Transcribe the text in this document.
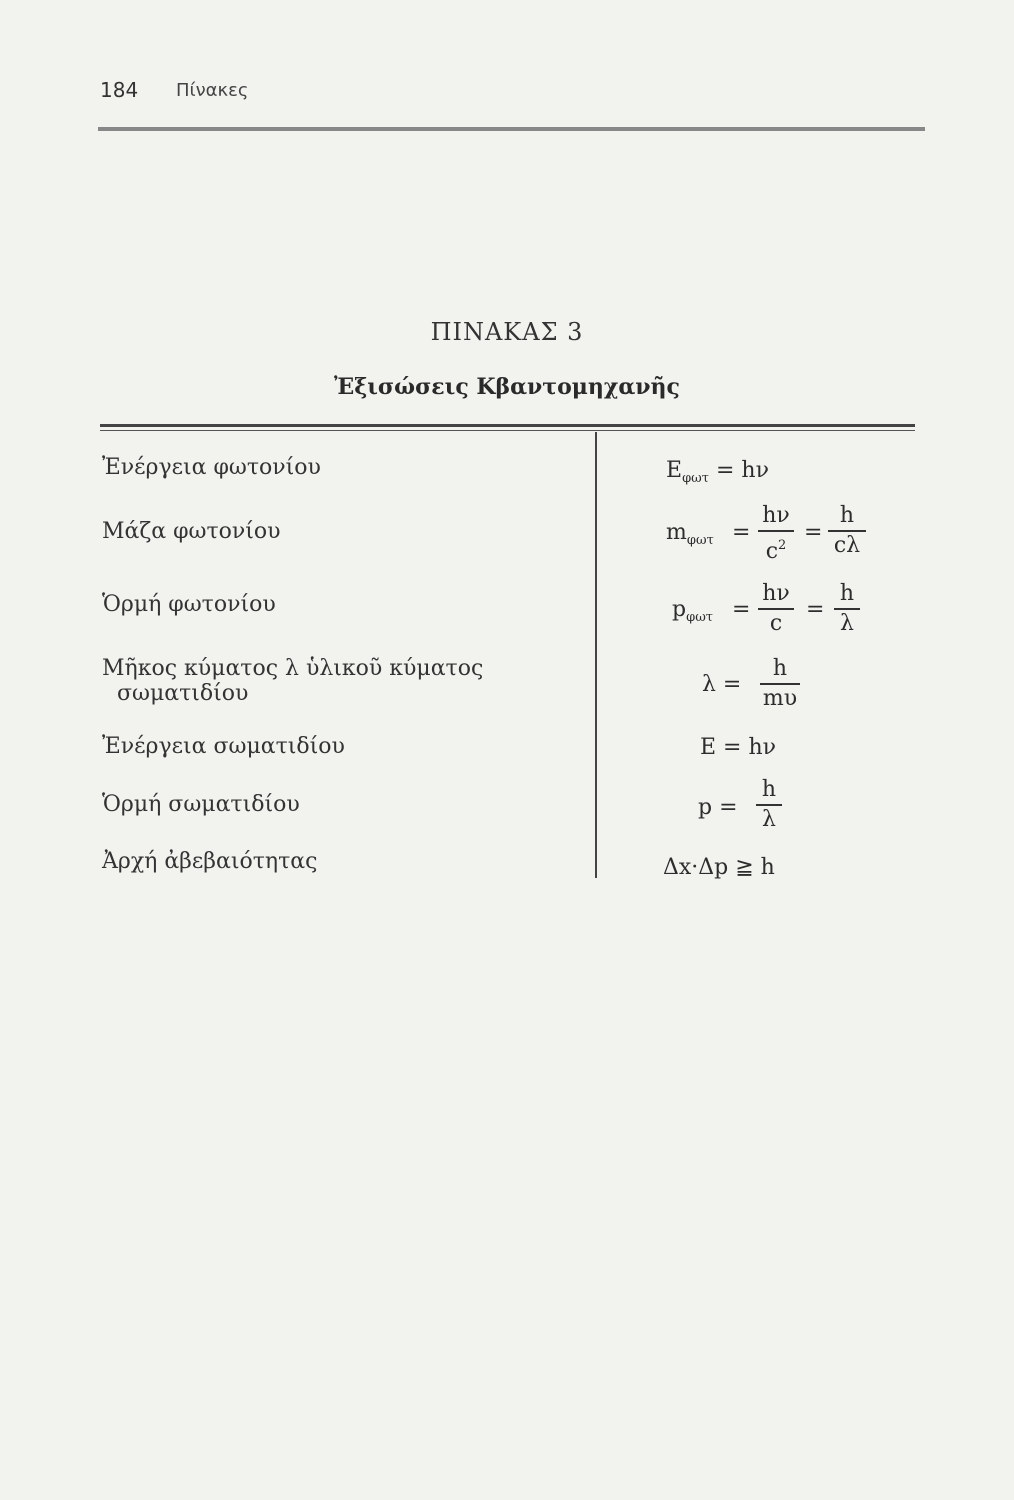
184 Πίνακες
ΠΙΝΑΚΑΣ 3
Ἐξισώσεις Κβαντομηχανῆς
Ἐνέργεια φωτονίου
Μάζα φωτονίου
Ὁρμή φωτονίου
Μῆκος κύματος λ ὑλικοῦ κύματος
σωματιδίου
Ἐνέργεια σωματιδίου
Ὁρμή σωματιδίου
Ἀρχή ἀβεβαιότητας
$E_{\varphi\omega\tau} = h\nu$
$m_{\varphi\omega\tau}$ =
hν
$c^2$
=
h
cλ
$p_{\varphi\omega\tau}$ =
hν
c
=
h
λ
λ =
h
mυ
E = hν
p =
h
λ
Δx·Δp ≧ h
